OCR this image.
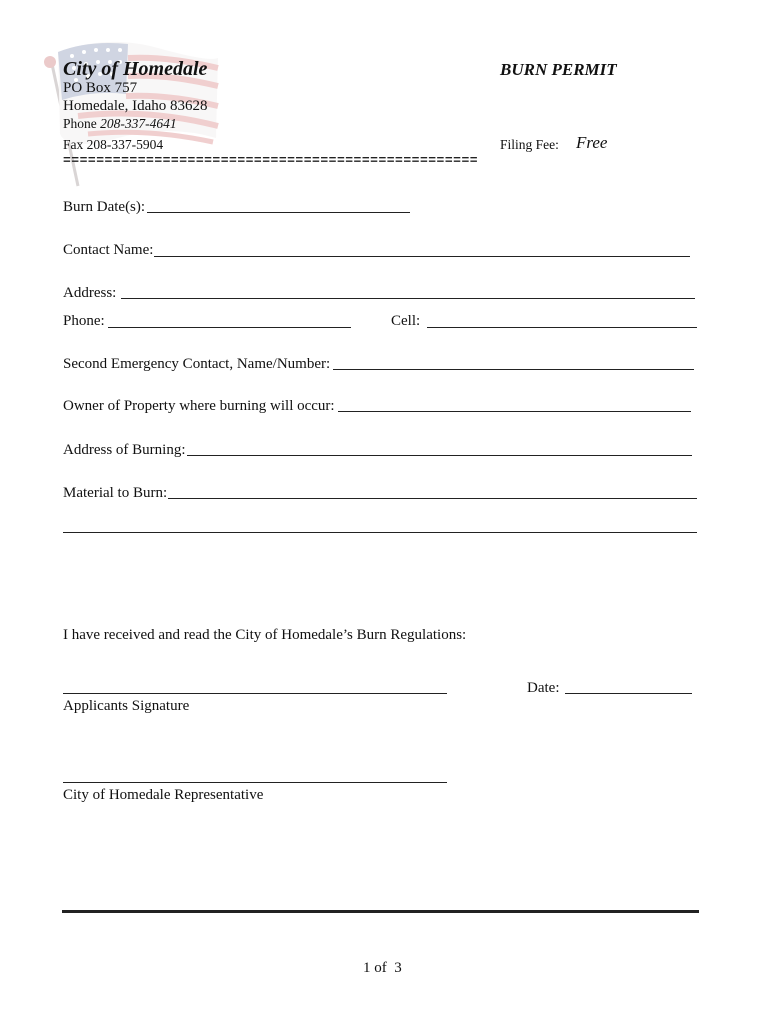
City of Homedale	BURN PERMIT
PO Box 757
Homedale, Idaho 83628
Phone 208-337-4641
Fax 208-337-5904	Filing Fee: Free
==================================================
Burn Date(s):
Contact Name:
Address:
Phone:	Cell:
Second Emergency Contact, Name/Number:
Owner of Property where burning will occur:
Address of Burning:
Material to Burn:
I have received and read the City of Homedale’s Burn Regulations:
Applicants Signature
Date:
City of Homedale Representative
1 of  3
